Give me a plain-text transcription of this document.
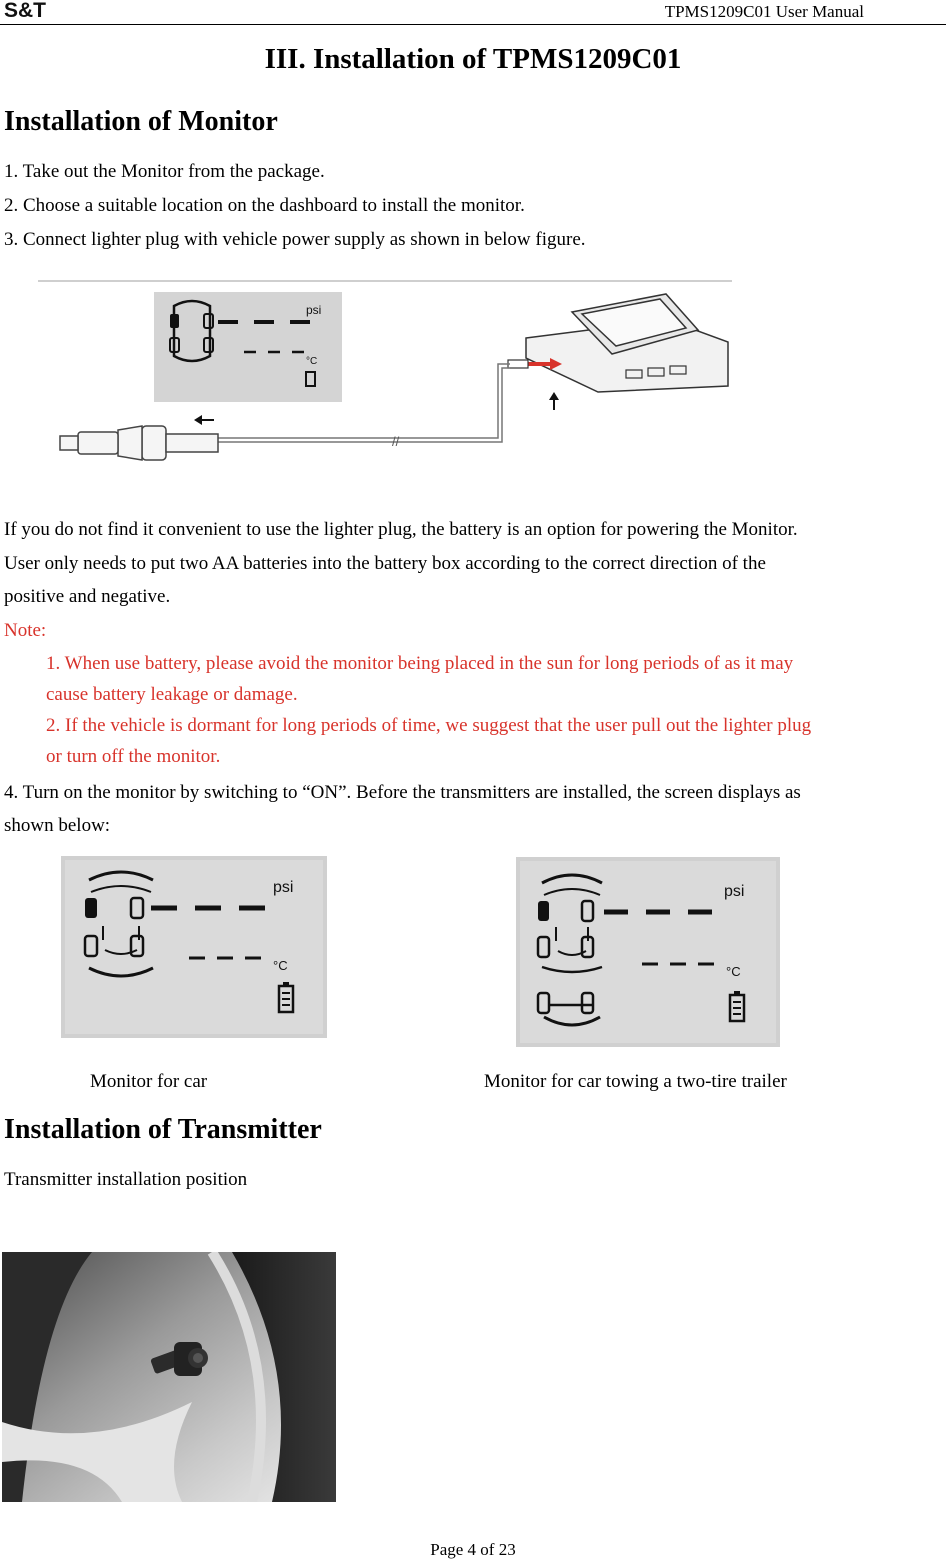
S&T	TPMS1209C01 User Manual
III. Installation of TPMS1209C01
Installation of Monitor
1. Take out the Monitor from the package.
2. Choose a suitable location on the dashboard to install the monitor.
3. Connect lighter plug with vehicle power supply as shown in below figure.
psi
°C
//
If you do not find it convenient to use the lighter plug, the battery is an option for powering the Monitor.
User only needs to put two AA batteries into the battery box according to the correct direction of the
positive and negative.
Note:
1. When use battery, please avoid the monitor being placed in the sun for long periods of as it may
cause battery leakage or damage.
2. If the vehicle is dormant for long periods of time, we suggest that the user pull out the lighter plug
or turn off the monitor.
4. Turn on the monitor by switching to “ON”. Before the transmitters are installed, the screen displays as
shown below:
psi
°C
psi
°C
Monitor for car	Monitor for car towing a two-tire trailer
Installation of Transmitter
Transmitter installation position
Page 4 of 23
